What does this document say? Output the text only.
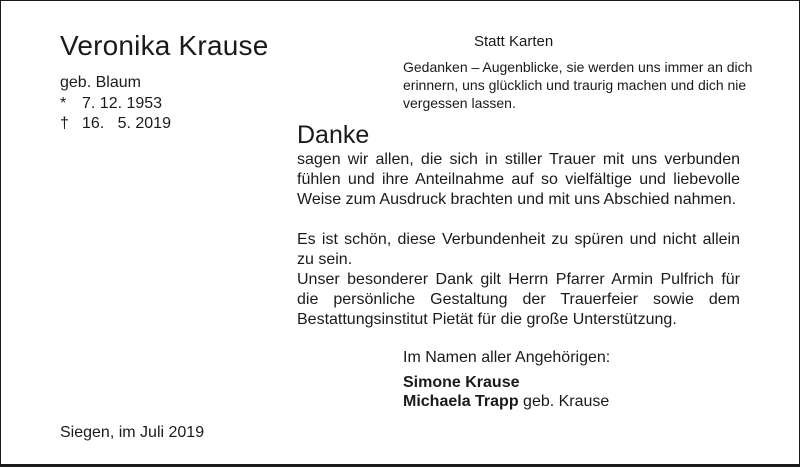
Veronika Krause
geb. Blaum
* 7. 12. 1953
† 16.   5. 2019
Statt Karten
Gedanken – Augenblicke, sie werden uns immer an dich erinnern, uns glücklich und traurig machen und dich nie vergessen lassen.
Danke
sagen wir allen, die sich in stiller Trauer mit uns verbunden fühlen und ihre Anteilnahme auf so vielfältige und liebevolle Weise zum Ausdruck brachten und mit uns Abschied nahmen.
Es ist schön, diese Verbundenheit zu spüren und nicht allein zu sein.
Unser besonderer Dank gilt Herrn Pfarrer Armin Pulfrich für die persönliche Gestaltung der Trauerfeier sowie dem Bestattungsinstitut Pietät für die große Unterstützung.
Im Namen aller Angehörigen:
Simone Krause
Michaela Trapp geb. Krause
Siegen, im Juli 2019
